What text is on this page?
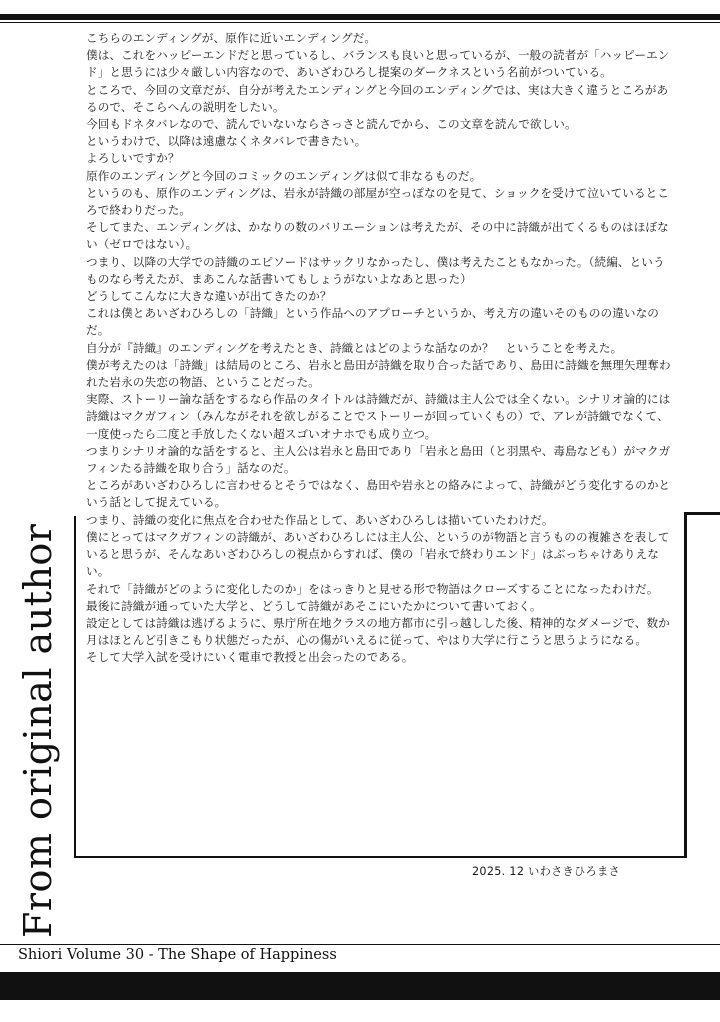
こちらのエンディングが、原作に近いエンディングだ。

僕は、これをハッピーエンドだと思っているし、バランスも良いと思っているが、一般の読者が「ハッピーエンド」と思うには少々厳しい内容なので、あいざわひろし提案のダークネスという名前がついている。

ところで、今回の文章だが、自分が考えたエンディングと今回のエンディングでは、実は大きく違うところがあるので、そこらへんの説明をしたい。

今回もドネタバレなので、読んでいないならさっさと読んでから、この文章を読んで欲しい。

というわけで、以降は遠慮なくネタバレで書きたい。

よろしいですか？

原作のエンディングと今回のコミックのエンディングは似て非なるものだ。

というのも、原作のエンディングは、岩永が詩織の部屋が空っぽなのを見て、ショックを受けて泣いているところで終わりだった。

そしてまた、エンディングは、かなりの数のバリエーションは考えたが、その中に詩織が出てくるものはほぼない（ゼロではない）。

つまり、以降の大学での詩織のエピソードはサックリなかったし、僕は考えたこともなかった。（続編、というものなら考えたが、まあこんな話書いてもしょうがないよなあと思った）

どうしてこんなに大きな違いが出てきたのか？

これは僕とあいざわひろしの「詩織」という作品へのアプローチというか、考え方の違いそのものの違いなのだ。

自分が『詩織』のエンディングを考えたとき、詩織とはどのような話なのか？　ということを考えた。

僕が考えたのは「詩織」は結局のところ、岩永と島田が詩織を取り合った話であり、島田に詩織を無理矢理奪われた岩永の失恋の物語、ということだった。

実際、ストーリー論な話をするなら作品のタイトルは詩織だが、詩織は主人公では全くない。シナリオ論的には詩織はマクガフィン（みんながそれを欲しがることでストーリーが回っていくもの）で、アレが詩織でなくて、一度使ったら二度と手放したくない超スゴいオナホでも成り立つ。

つまりシナリオ論的な話をすると、主人公は岩永と島田であり「岩永と島田（と羽黒や、毒島なども）がマクガフィンたる詩織を取り合う」話なのだ。

ところがあいざわひろしに言わせるとそうではなく、島田や岩永との絡みによって、詩織がどう変化するのかという話として捉えている。

つまり、詩織の変化に焦点を合わせた作品として、あいざわひろしは描いていたわけだ。

僕にとってはマクガフィンの詩織が、あいざわひろしには主人公、というのが物語と言うものの複雑さを表していると思うが、そんなあいざわひろしの視点からすれば、僕の「岩永で終わりエンド」はぶっちゃけありえない。

それで「詩織がどのように変化したのか」をはっきりと見せる形で物語はクローズすることになったわけだ。

最後に詩織が通っていた大学と、どうして詩織があそこにいたかについて書いておく。

設定としては詩織は逃げるように、県庁所在地クラスの地方都市に引っ越しした後、精神的なダメージで、数か月はほとんど引きこもり状態だったが、心の傷がいえるに従って、やはり大学に行こうと思うようになる。

そして大学入試を受けにいく電車で教授と出会ったのである。

From original author	2025. 12 いわさきひろまさ
Shiori Volume 30 - The Shape of Happiness
